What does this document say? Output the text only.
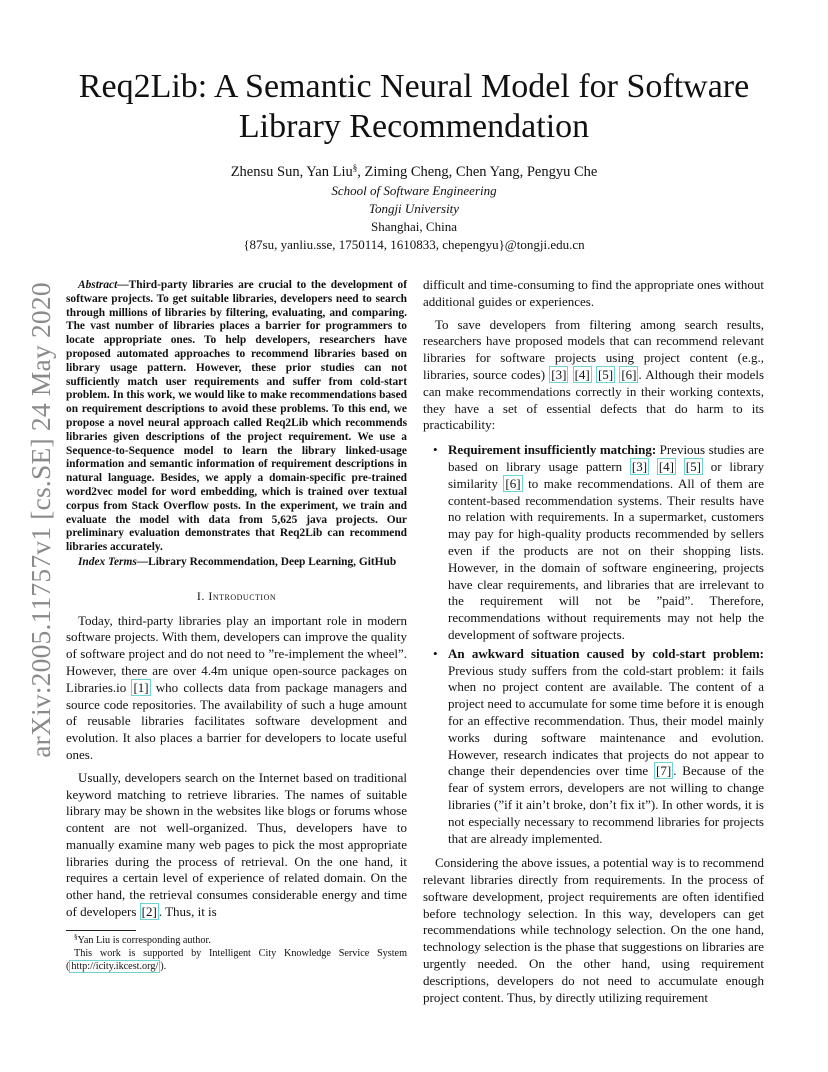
arXiv:2005.11757v1 [cs.SE] 24 May 2020
Req2Lib: A Semantic Neural Model for Software
Library Recommendation
Zhensu Sun, Yan Liu§, Ziming Cheng, Chen Yang, Pengyu Che
School of Software Engineering
Tongji University
Shanghai, China
{87su, yanliu.sse, 1750114, 1610833, chepengyu}@tongji.edu.cn

Abstract—Third-party libraries are crucial to the development of software projects. To get suitable libraries, developers need to search through millions of libraries by filtering, evaluating, and comparing. The vast number of libraries places a barrier for programmers to locate appropriate ones. To help developers, researchers have proposed automated approaches to recommend libraries based on library usage pattern. However, these prior studies can not sufficiently match user requirements and suffer from cold-start problem. In this work, we would like to make recommendations based on requirement descriptions to avoid these problems. To this end, we propose a novel neural approach called Req2Lib which recommends libraries given descriptions of the project requirement. We use a Sequence-to-Sequence model to learn the library linked-usage information and semantic information of requirement descriptions in natural language. Besides, we apply a domain-specific pre-trained word2vec model for word embedding, which is trained over textual corpus from Stack Overflow posts. In the experiment, we train and evaluate the model with data from 5,625 java projects. Our preliminary evaluation demonstrates that Req2Lib can recommend libraries accurately.

Index Terms—Library Recommendation, Deep Learning, GitHub

I. Introduction

Today, third-party libraries play an important role in modern software projects. With them, developers can improve the quality of software project and do not need to ”re-implement the wheel”. However, there are over 4.4m unique open-source packages on Libraries.io [1] who collects data from package managers and source code repositories. The availability of such a huge amount of reusable libraries facilitates software development and evolution. It also places a barrier for developers to locate useful ones.

Usually, developers search on the Internet based on traditional keyword matching to retrieve libraries. The names of suitable library may be shown in the websites like blogs or forums whose content are not well-organized. Thus, developers have to manually examine many web pages to pick the most appropriate libraries during the process of retrieval. On the one hand, it requires a certain level of experience of related domain. On the other hand, the retrieval consumes considerable energy and time of developers [2] . Thus, it is

§Yan Liu is corresponding author.

This work is supported by Intelligent City Knowledge Service System ( http://icity.ikcest.org/ ).

difficult and time-consuming to find the appropriate ones without additional guides or experiences.

To save developers from filtering among search results, researchers have proposed models that can recommend relevant libraries for software projects using project content (e.g., libraries, source codes) [3] [4] [5] [6] . Although their models can make recommendations correctly in their working contexts, they have a set of essential defects that do harm to its practicability:

• Requirement insufficiently matching: Previous studies are based on library usage pattern [3] [4] [5] or library similarity [6] to make recommendations. All of them are content-based recommendation systems. Their results have no relation with requirements. In a supermarket, customers may pay for high-quality products recommended by sellers even if the products are not on their shopping lists. However, in the domain of software engineering, projects have clear requirements, and libraries that are irrelevant to the requirement will not be ”paid”. Therefore, recommendations without requirements may not help the development of software projects.
• An awkward situation caused by cold-start problem: Previous study suffers from the cold-start problem: it fails when no project content are available. The content of a project need to accumulate for some time before it is enough for an effective recommendation. Thus, their model mainly works during software maintenance and evolution. However, research indicates that projects do not appear to change their dependencies over time [7] . Because of the fear of system errors, developers are not willing to change libraries (”if it ain’t broke, don’t fix it”). In other words, it is not especially necessary to recommend libraries for projects that are already implemented.

Considering the above issues, a potential way is to recommend relevant libraries directly from requirements. In the process of software development, project requirements are often identified before technology selection. In this way, developers can get recommendations while technology selection. On the one hand, technology selection is the phase that suggestions on libraries are urgently needed. On the other hand, using requirement descriptions, developers do not need to accumulate enough project content. Thus, by directly utilizing requirement
